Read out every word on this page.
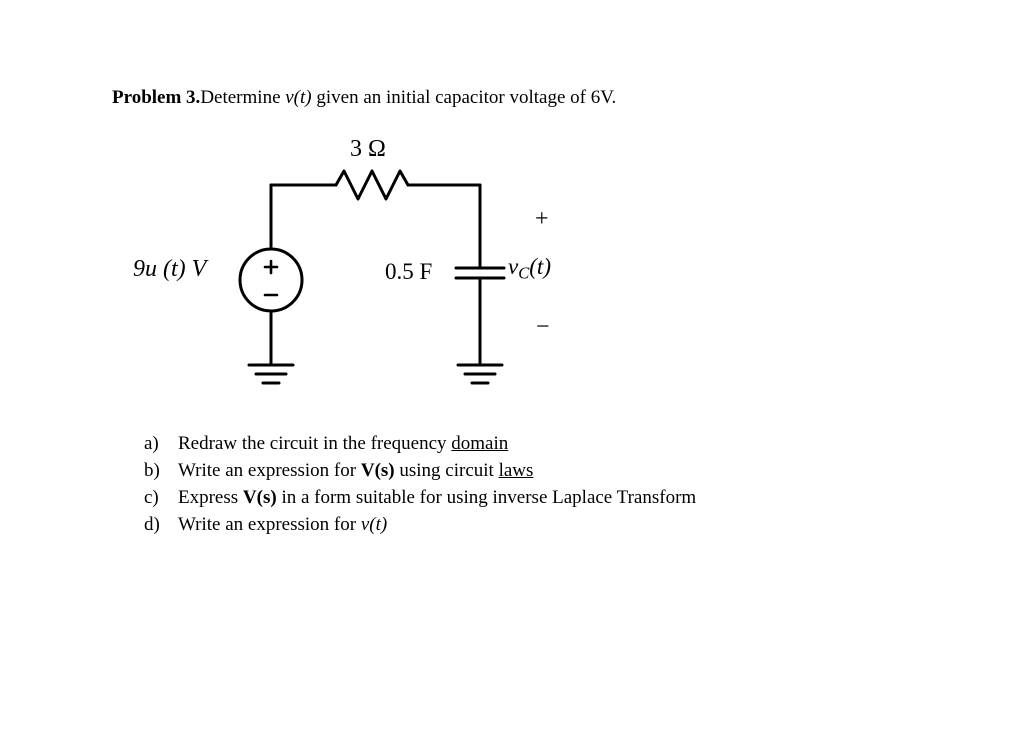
Problem 3.Determine v(t) given an initial capacitor voltage of 6V.
3 Ω
9u (t) V	0.5 F	$v_C(t)$
+
−
a)	Redraw the circuit in the frequency domain
b) Write an expression for V(s) using circuit laws
c)	Express V(s) in a form suitable for using inverse Laplace Transform
d) Write an expression for v(t)
